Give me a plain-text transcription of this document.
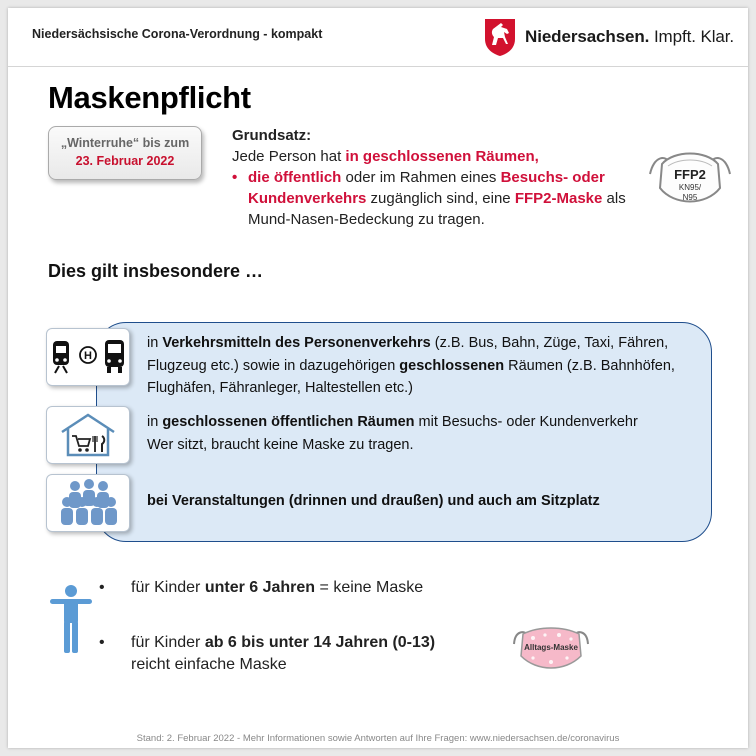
Niedersächsische Corona-Verordnung - kompakt	Niedersachsen. Impft. Klar.
Maskenpflicht
„Winterruhe“ bis zum
23. Februar 2022
Grundsatz:
Jede Person hat in geschlossenen Räumen,
• die öffentlich oder im Rahmen eines Besuchs- oder Kundenverkehrs zugänglich sind, eine FFP2-Maske als Mund-Nasen-Bedeckung zu tragen.
FFP2
KN95/
N95
Dies gilt insbesondere …
H
in Verkehrsmitteln des Personenverkehrs (z.B. Bus, Bahn, Züge, Taxi, Fähren, Flugzeug etc.) sowie in dazugehörigen geschlossenen Räumen (z.B. Bahnhöfen, Flughäfen, Fähranleger, Haltestellen etc.)
in geschlossenen öffentlichen Räumen mit Besuchs- oder Kundenverkehr
Wer sitzt, braucht keine Maske zu tragen.
bei Veranstaltungen (drinnen und draußen) und auch am Sitzplatz
• für Kinder unter 6 Jahren = keine Maske
• für Kinder ab 6 bis unter 14 Jahren (0-13)
reicht einfache Maske
Alltags-Maske
Stand: 2. Februar 2022 - Mehr Informationen sowie Antworten auf Ihre Fragen: www.niedersachsen.de/coronavirus
